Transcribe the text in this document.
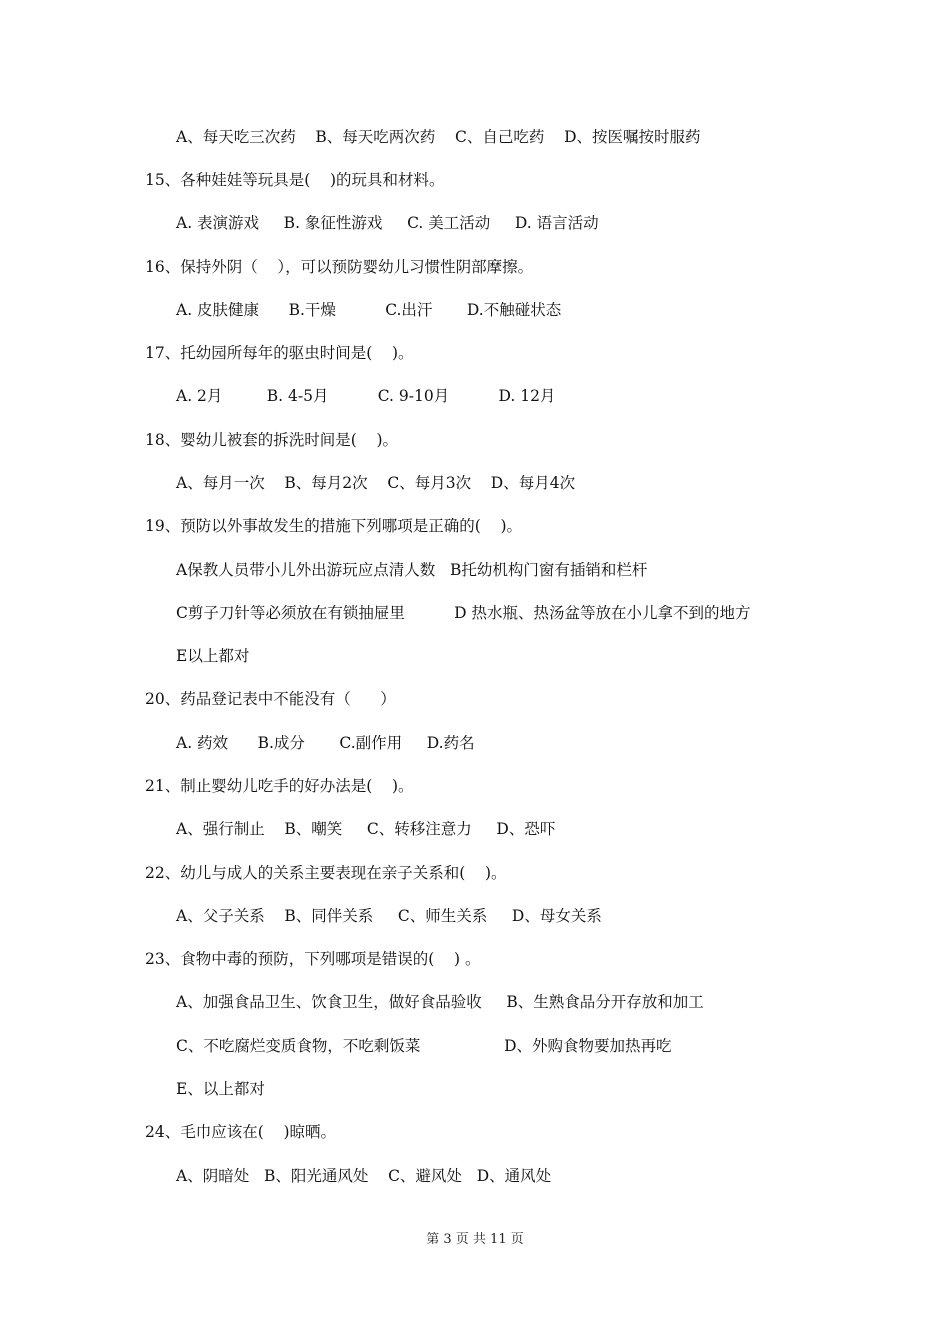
A、每天吃三次药    B、每天吃两次药    C、自己吃药    D、按医嘱按时服药
15、各种娃娃等玩具是(    )的玩具和材料。
A. 表演游戏     B. 象征性游戏     C. 美工活动     D. 语言活动
16、保持外阴（    ），可以预防婴幼儿习惯性阴部摩擦。
A. 皮肤健康      B.干燥          C.出汗       D.不触碰状态
17、托幼园所每年的驱虫时间是(    )。
A. 2月         B. 4-5月          C. 9-10月          D. 12月
18、婴幼儿被套的拆洗时间是(    )。
A、每月一次    B、每月2次    C、每月3次    D、每月4次
19、预防以外事故发生的措施下列哪项是正确的(    )。
A保教人员带小儿外出游玩应点清人数   B托幼机构门窗有插销和栏杆
C剪子刀针等必须放在有锁抽屉里          D 热水瓶、热汤盆等放在小儿拿不到的地方
E以上都对
20、药品登记表中不能没有（      ）
A. 药效      B.成分       C.副作用     D.药名
21、制止婴幼儿吃手的好办法是(    )。
A、强行制止    B、嘲笑     C、转移注意力     D、恐吓
22、幼儿与成人的关系主要表现在亲子关系和(    )。
A、父子关系    B、同伴关系     C、师生关系     D、母女关系
23、食物中毒的预防，下列哪项是错误的(    ) 。
A、加强食品卫生、饮食卫生，做好食品验收     B、生熟食品分开存放和加工
C、不吃腐烂变质食物，不吃剩饭菜                 D、外购食物要加热再吃
E、以上都对
24、毛巾应该在(    )晾晒。
A、阴暗处   B、阳光通风处    C、避风处   D、通风处
第 3 页 共 11 页
